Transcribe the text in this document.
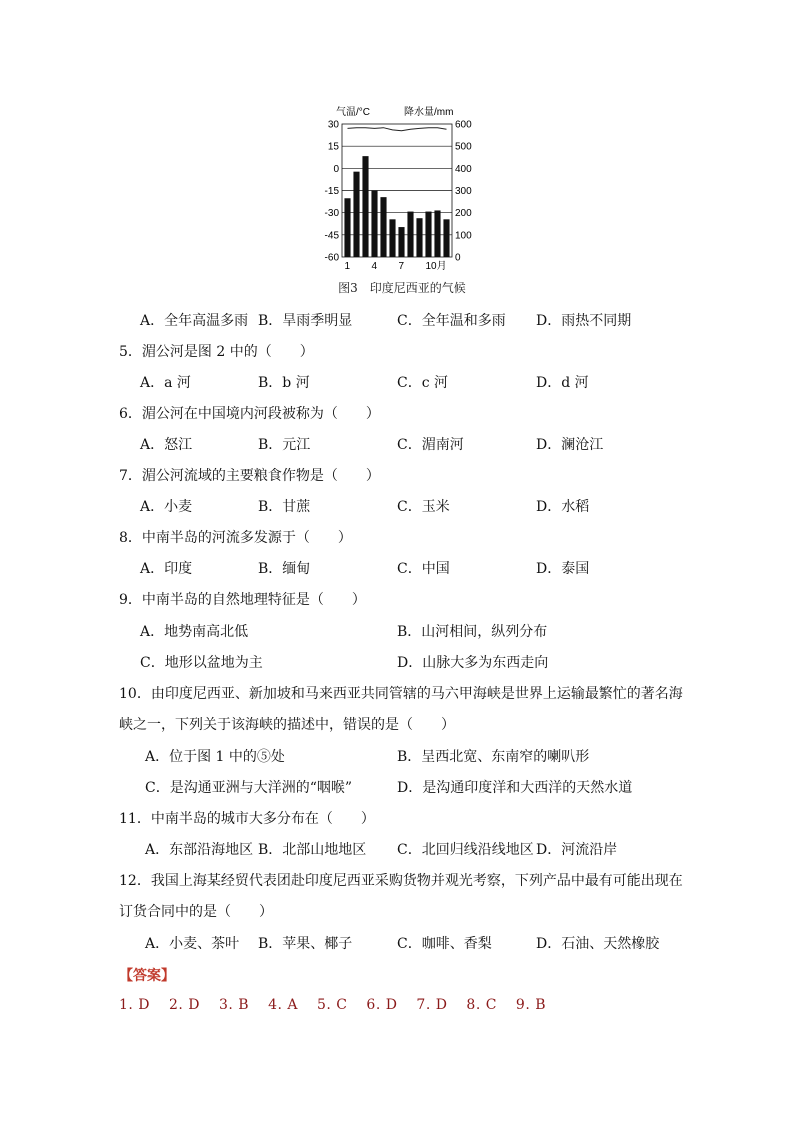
气温/°C	降水量/mm
30
15
0
-15
-30
-45
-60
600
500
400
300
200
100
0
1 4 7 10月
图3　印度尼西亚的气候
A．全年高温多雨 B．旱雨季明显	C．全年温和多雨 D．雨热不同期
5．湄公河是图 2 中的（　　）
A．a 河	B．b 河	C．c 河	D．d 河
6．湄公河在中国境内河段被称为（　　）
A．怒江	B．元江	C．湄南河	D．澜沧江
7．湄公河流域的主要粮食作物是（　　）
A．小麦	B．甘蔗	C．玉米	D．水稻
8．中南半岛的河流多发源于（　　）
A．印度	B．缅甸	C．中国	D．泰国
9．中南半岛的自然地理特征是（　　）
A．地势南高北低	B．山河相间，纵列分布
C．地形以盆地为主	D．山脉大多为东西走向
10．由印度尼西亚、新加坡和马来西亚共同管辖的马六甲海峡是世界上运输最繁忙的著名海
峡之一，下列关于该海峡的描述中，错误的是（　　）
A．位于图 1 中的⑤处	B．呈西北宽、东南窄的喇叭形
C．是沟通亚洲与大洋洲的“咽喉”	D．是沟通印度洋和大西洋的天然水道
11．中南半岛的城市大多分布在（　　）
A．东部沿海地区 B．北部山地地区 C．北回归线沿线地区 D．河流沿岸
12．我国上海某经贸代表团赴印度尼西亚采购货物并观光考察，下列产品中最有可能出现在
订货合同中的是（　　）
A．小麦、茶叶 B．苹果、椰子	C．咖啡、香梨	D．石油、天然橡胶
【答案】
1. D 2. D 3. B 4. A 5. C 6. D 7. D 8. C 9. B
